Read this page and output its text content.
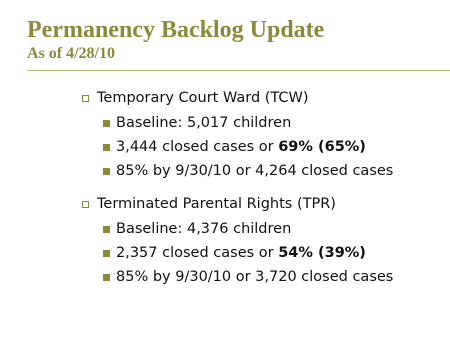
Permanency Backlog Update
As of 4/28/10
Temporary Court Ward (TCW)
Baseline: 5,017 children
3,444 closed cases or 69% (65%)
85% by 9/30/10 or 4,264 closed cases
Terminated Parental Rights (TPR)
Baseline: 4,376 children
2,357 closed cases or 54% (39%)
85% by 9/30/10 or 3,720 closed cases
